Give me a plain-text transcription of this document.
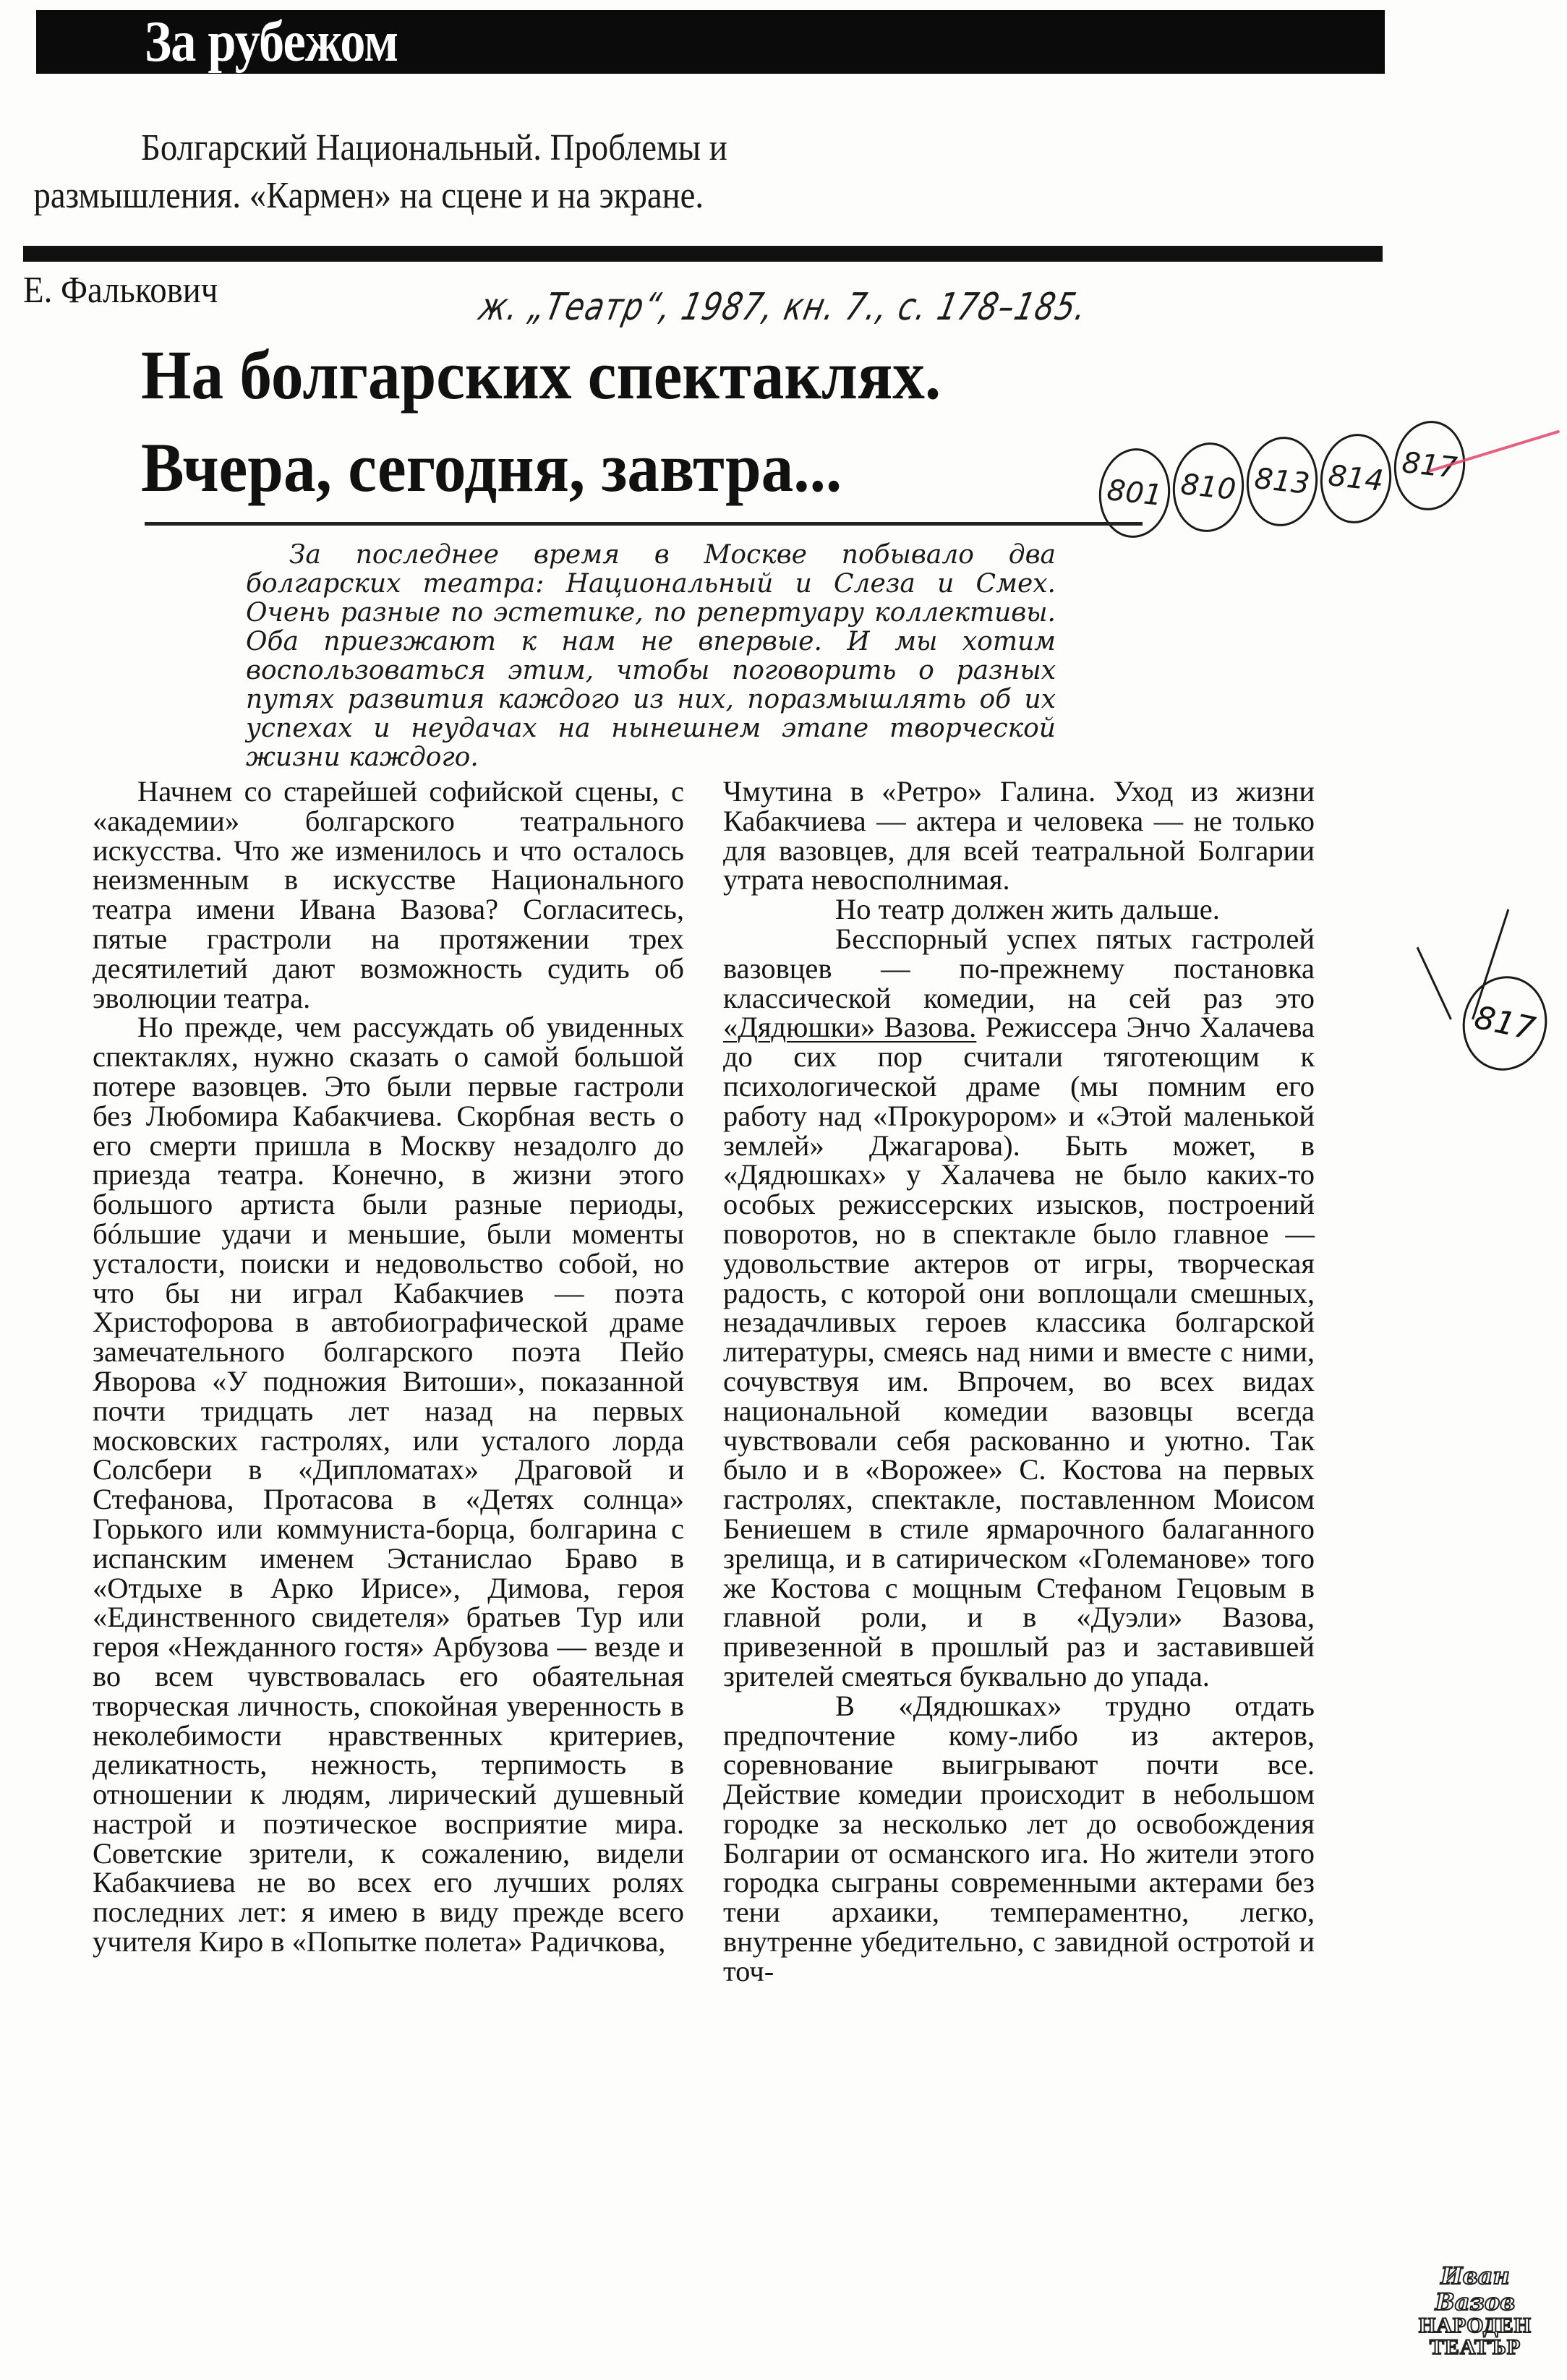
За рубежом
Болгарский Национальный. Проблемы и
размышления. «Кармен» на сцене и на экране.
Е. Фалькович	ж. „Театр“, 1987, кн. 7., с. 178–185.
На болгарских спектаклях.
Вчера, сегодня, завтра...	801 810 813 814 817

За последнее время в Москве побывало два болгарских театра: Национальный и Слеза и Смех. Очень разные по эстетике, по репертуару коллективы. Оба приезжают к нам не впервые. И мы хотим воспользоваться этим, чтобы поговорить о разных путях развития каждого из них, поразмышлять об их успехах и неудачах на нынешнем этапе творческой жизни каждого.

Начнем со старейшей софийской сцены, с «академии» болгарского театрального искусства. Что же изменилось и что осталось неизменным в искусстве Национального театра имени Ивана Вазова? Согласитесь, пятые грастроли на протяжении трех десятилетий дают возможность судить об эволюции театра.

Но прежде, чем рассуждать об увиденных спектаклях, нужно сказать о самой большой потере вазовцев. Это были первые гастроли без Любомира Кабакчиева. Скорбная весть о его смерти пришла в Москву незадолго до приезда театра. Конечно, в жизни этого большого артиста были разные периоды, бóльшие удачи и меньшие, были моменты усталости, поиски и недовольство собой, но что бы ни играл Кабакчиев — поэта Христофорова в автобиографической драме замечательного болгарского поэта Пейо Яворова «У подножия Витоши», показанной почти тридцать лет назад на первых московских гастролях, или усталого лорда Солсбери в «Дипломатах» Драговой и Стефанова, Протасова в «Детях солнца» Горького или коммуниста-борца, болгарина с испанским именем Эстанислао Браво в «Отдыхе в Арко Ирисе», Димова, героя «Единственного свидетеля» братьев Тур или героя «Нежданного гостя» Арбузова — везде и во всем чувствовалась его обаятельная творческая личность, спокойная уверенность в неколебимости нравственных критериев, деликатность, нежность, терпимость в отношении к людям, лирический душевный настрой и поэтическое восприятие мира. Советские зрители, к сожалению, видели Кабакчиева не во всех его лучших ролях последних лет: я имею в виду прежде всего учителя Киро в «Попытке полета» Радичкова,

Чмутина в «Ретро» Галина. Уход из жизни Кабакчиева — актера и человека — не только для вазовцев, для всей театральной Болгарии утрата невосполнимая.

Но театр должен жить дальше.

Бесспорный успех пятых гастролей вазовцев — по-прежнему постановка классической комедии, на сей раз это «Дядюшки» Вазова. Режиссера Энчо Халачева до сих пор считали тяготеющим к психологической драме (мы помним его работу над «Прокурором» и «Этой маленькой землей» Джагарова). Быть может, в «Дядюшках» у Халачева не было каких-то особых режиссерских изысков, построений поворотов, но в спектакле было главное — удовольствие актеров от игры, творческая радость, с которой они воплощали смешных, незадачливых героев классика болгарской литературы, смеясь над ними и вместе с ними, сочувствуя им. Впрочем, во всех видах национальной комедии вазовцы всегда чувствовали себя раскованно и уютно. Так было и в «Ворожее» С. Костова на первых гастролях, спектакле, поставленном Моисом Бениешем в стиле ярмарочного балаганного зрелища, и в сатирическом «Големанове» того же Костова с мощным Стефаном Гецовым в главной роли, и в «Дуэли» Вазова, привезенной в прошлый раз и заставившей зрителей смеяться буквально до упада.

В «Дядюшках» трудно отдать предпочтение кому-либо из актеров, соревнование выигрывают почти все. Действие комедии происходит в небольшом городке за несколько лет до освобождения Болгарии от османского ига. Но жители этого городка сыграны современными актерами без тени архаики, темпераментно, легко, внутренне убедительно, с завидной остротой и точ-

817
Иван Вазов
НАРОДЕН
ТЕАТЪР
